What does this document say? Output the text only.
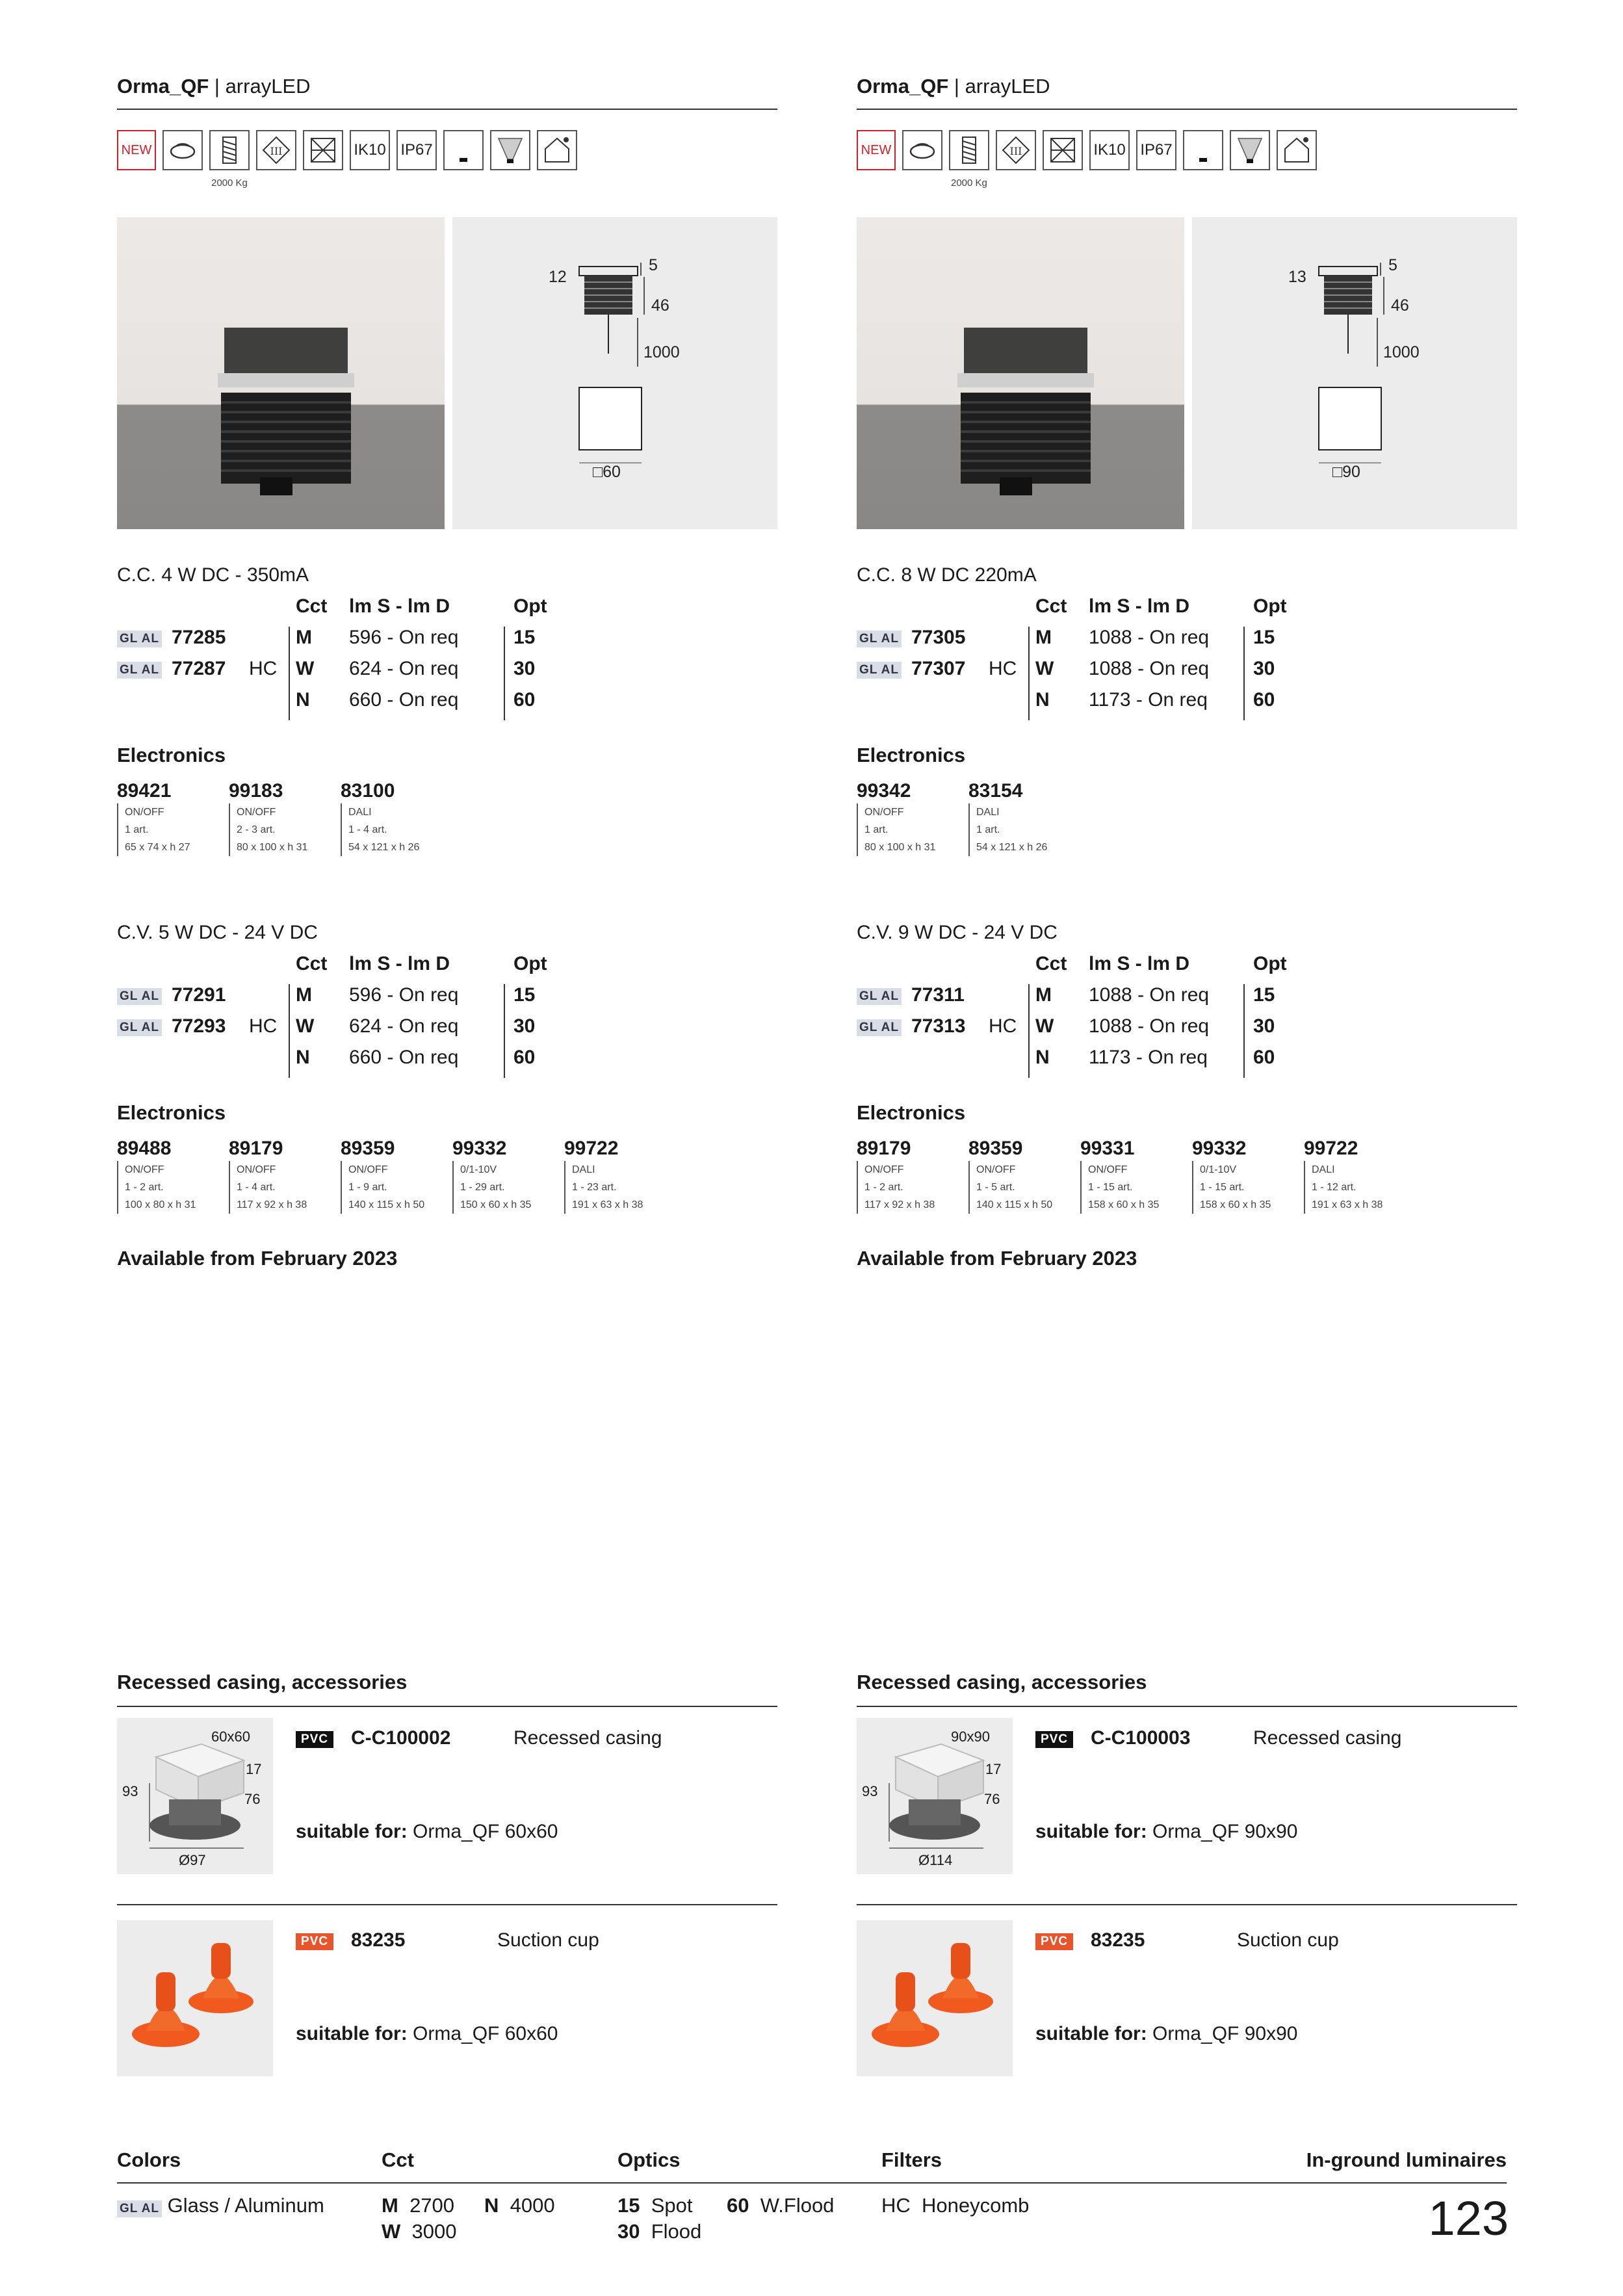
Orma_QF | arrayLED
NEW	III	IK10 IP67
2000 Kg
12
5
46
1000
□60
C.C. 4 W DC - 350mA
Cct lm S - lm D	Opt
GL AL 77285	M 596 - On req	15
GL AL 77287 HC W 624 - On req	30
N 660 - On req	60
Electronics
89421
ON/OFF
1 art.
65 x 74 x h 27
99183
ON/OFF
2 - 3 art.
80 x 100 x h 31
83100
DALI
1 - 4 art.
54 x 121 x h 26
C.V. 5 W DC - 24 V DC
Cct lm S - lm D	Opt
GL AL 77291	M 596 - On req	15
GL AL 77293 HC W 624 - On req	30
N 660 - On req	60
Electronics
89488
ON/OFF
1 - 2 art.
100 x 80 x h 31
89179
ON/OFF
1 - 4 art.
117 x 92 x h 38
89359
ON/OFF
1 - 9 art.
140 x 115 x h 50
99332
0/1-10V
1 - 29 art.
150 x 60 x h 35
99722
DALI
1 - 23 art.
191 x 63 x h 38
Available from February 2023
Recessed casing, accessories
60x60
93
17
76
Ø97
PVC C-C100002	Recessed casing
suitable for: Orma_QF 60x60
PVC 83235	Suction cup
suitable for: Orma_QF 60x60
Orma_QF | arrayLED
NEW	III	IK10 IP67
2000 Kg
13
5
46
1000
□90
C.C. 8 W DC 220mA
Cct lm S - lm D	Opt
GL AL 77305	M 1088 - On req 15
GL AL 77307 HC W 1088 - On req 30
N 1173 - On req 60
Electronics
99342
ON/OFF
1 art.
80 x 100 x h 31
83154
DALI
1 art.
54 x 121 x h 26
C.V. 9 W DC - 24 V DC
Cct lm S - lm D	Opt
GL AL 77311	M 1088 - On req 15
GL AL 77313 HC W 1088 - On req 30
N 1173 - On req 60
Electronics
89179
ON/OFF
1 - 2 art.
117 x 92 x h 38
89359
ON/OFF
1 - 5 art.
140 x 115 x h 50
99331
ON/OFF
1 - 15 art.
158 x 60 x h 35
99332
0/1-10V
1 - 15 art.
158 x 60 x h 35
99722
DALI
1 - 12 art.
191 x 63 x h 38
Available from February 2023
Recessed casing, accessories
90x90
93
17
76
Ø114
PVC C-C100003	Recessed casing
suitable for: Orma_QF 90x90
PVC 83235	Suction cup
suitable for: Orma_QF 90x90
Colors	Cct	Optics	Filters	In-ground luminaires
GL AL Glass / Aluminum	M 2700 N 4000
W 3000
15 Spot
30 Flood
60 W.Flood HC  Honeycomb	123
